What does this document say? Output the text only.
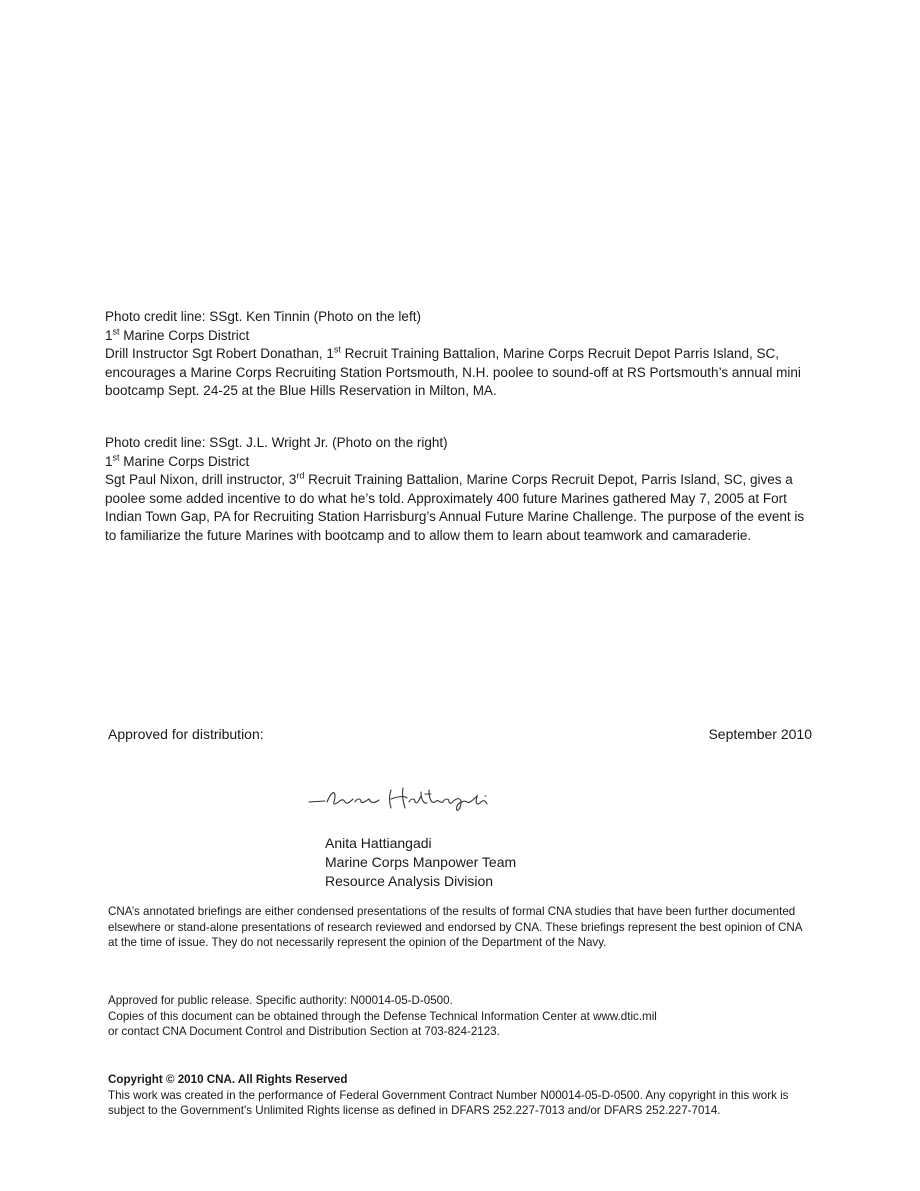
Photo credit line: SSgt. Ken Tinnin (Photo on the left)

1st Marine Corps District

Drill Instructor Sgt Robert Donathan, 1st Recruit Training Battalion, Marine Corps Recruit Depot Parris Island, SC, encourages a Marine Corps Recruiting Station Portsmouth, N.H. poolee to sound-off at RS Portsmouth’s annual mini bootcamp Sept. 24-25 at the Blue Hills Reservation in Milton, MA.

Photo credit line: SSgt. J.L. Wright Jr. (Photo on the right)

1st Marine Corps District

Sgt Paul Nixon, drill instructor, 3rd Recruit Training Battalion, Marine Corps Recruit Depot, Parris Island, SC, gives a poolee some added incentive to do what he’s told. Approximately 400 future Marines gathered May 7, 2005 at Fort Indian Town Gap, PA for Recruiting Station Harrisburg’s Annual Future Marine Challenge. The purpose of the event is to familiarize the future Marines with bootcamp and to allow them to learn about teamwork and camaraderie.

Approved for distribution:	September 2010
Anita Hattiangadi
Marine Corps Manpower Team
Resource Analysis Division

CNA’s annotated briefings are either condensed presentations of the results of formal CNA studies that have been further documented elsewhere or stand-alone presentations of research reviewed and endorsed by CNA. These briefings represent the best opinion of CNA at the time of issue. They do not necessarily represent the opinion of the Department of the Navy.

Approved for public release. Specific authority: N00014-05-D-0500.

Copies of this document can be obtained through the Defense Technical Information Center at www.dtic.mil

or contact CNA Document Control and Distribution Section at 703-824-2123.

Copyright © 2010 CNA. All Rights Reserved

This work was created in the performance of Federal Government Contract Number N00014-05-D-0500. Any copyright in this work is subject to the Government's Unlimited Rights license as defined in DFARS 252.227-7013 and/or DFARS 252.227-7014.
